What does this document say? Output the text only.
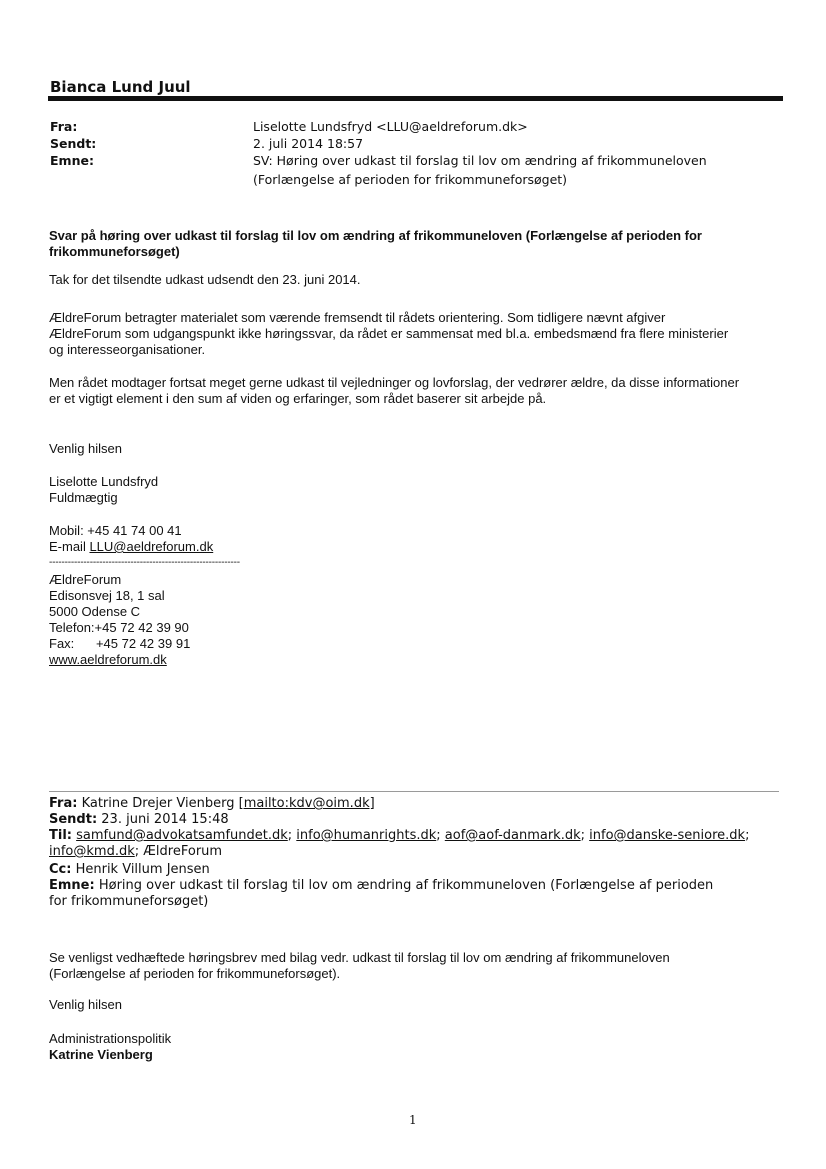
Bianca Lund Juul
Fra:	Liselotte Lundsfryd <LLU@aeldreforum.dk>
Sendt:	2. juli 2014 18:57
Emne:	SV: Høring over udkast til forslag til lov om ændring af frikommuneloven
(Forlængelse af perioden for frikommuneforsøget)
Svar på høring over udkast til forslag til lov om ændring af frikommuneloven (Forlængelse af perioden for frikommuneforsøget)
Tak for det tilsendte udkast udsendt den 23. juni 2014.
ÆldreForum betragter materialet som værende fremsendt til rådets orientering. Som tidligere nævnt afgiver ÆldreForum som udgangspunkt ikke høringssvar, da rådet er sammensat med bl.a. embedsmænd fra flere ministerier og interesseorganisationer.
Men rådet modtager fortsat meget gerne udkast til vejledninger og lovforslag, der vedrører ældre, da disse informationer er et vigtigt element i den sum af viden og erfaringer, som rådet baserer sit arbejde på.
Venlig hilsen
Liselotte Lundsfryd
Fuldmægtig
Mobil: +45 41 74 00 41
E-mail LLU@aeldreforum.dk
-------------------------------------------------------------
ÆldreForum
Edisonsvej 18, 1 sal
5000 Odense C
Telefon:+45 72 42 39 90
Fax:      +45 72 42 39 91
www.aeldreforum.dk
Fra: Katrine Drejer Vienberg [mailto:kdv@oim.dk]
Sendt: 23. juni 2014 15:48
Til: samfund@advokatsamfundet.dk; info@humanrights.dk; aof@aof-danmark.dk; info@danske-seniore.dk; info@kmd.dk; ÆldreForum
Cc: Henrik Villum Jensen
Emne: Høring over udkast til forslag til lov om ændring af frikommuneloven (Forlængelse af perioden for frikommuneforsøget)
Se venligst vedhæftede høringsbrev med bilag vedr. udkast til forslag til lov om ændring af frikommuneloven (Forlængelse af perioden for frikommuneforsøget).
Venlig hilsen
Administrationspolitik
Katrine Vienberg
1
